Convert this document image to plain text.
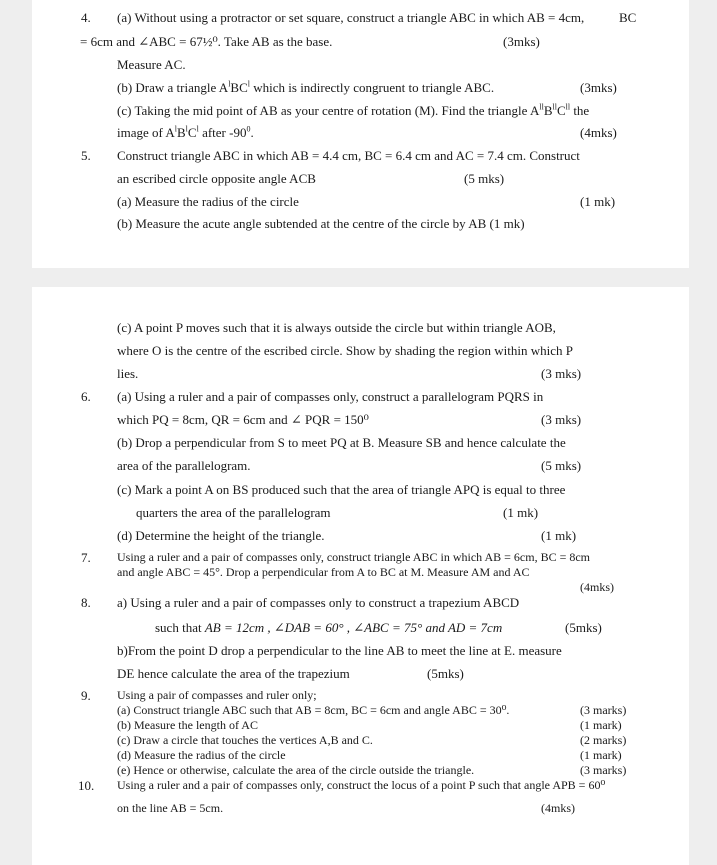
4. (a) Without using a protractor or set square, construct a triangle ABC in which AB = 4cm,	BC
= 6cm and ∠ABC = 67½⁰. Take AB as the base.	(3mks)
Measure AC.
(b) Draw a triangle $A^lBC^l$ which is indirectly congruent to triangle ABC.	(3mks)
(c) Taking the mid point of AB as your centre of rotation (M). Find the triangle $A^{ll}B^{ll}C^{ll}$ the
image of $A^lB^lC^l$ after $-90^0$.	(4mks)
5. Construct triangle ABC in which AB = 4.4 cm, BC = 6.4 cm and AC = 7.4 cm. Construct
an escribed circle opposite angle ACB	(5 mks)
(a) Measure the radius of the circle	(1 mk)
(b) Measure the acute angle subtended at the centre of the circle by AB (1 mk)
(c) A point P moves such that it is always outside the circle but within triangle AOB,
where O is the centre of the escribed circle. Show by shading the region within which P
lies.	(3 mks)
6. (a) Using a ruler and a pair of compasses only, construct a parallelogram PQRS in
which PQ = 8cm, QR = 6cm and ∠ PQR = 150⁰	(3 mks)
(b) Drop a perpendicular from S to meet PQ at B. Measure SB and hence calculate the
area of the parallelogram.	(5 mks)
(c) Mark a point A on BS produced such that the area of triangle APQ is equal to three
quarters the area of the parallelogram	(1 mk)
(d) Determine the height of the triangle.	(1 mk)
7. Using a ruler and a pair of compasses only, construct triangle ABC in which AB = 6cm, BC = 8cm
and angle ABC = 45°. Drop a perpendicular from A to BC at M. Measure AM and AC
(4mks)
8. a) Using a ruler and a pair of compasses only to construct a trapezium ABCD
such that AB = 12cm , ∠DAB = 60° , ∠ABC = 75° and AD = 7cm	(5mks)
b)From the point D drop a perpendicular to the line AB to meet the line at E. measure
DE hence calculate the area of the trapezium	(5mks)
9. Using a pair of compasses and ruler only;
(a) Construct triangle ABC such that AB = 8cm, BC = 6cm and angle ABC = 30⁰.	(3 marks)
(b) Measure the length of AC	(1 mark)
(c) Draw a circle that touches the vertices A,B and C.	(2 marks)
(d) Measure the radius of the circle	(1 mark)
(e) Hence or otherwise, calculate the area of the circle outside the triangle.	(3 marks)
10. Using a ruler and a pair of compasses only, construct the locus of a point P such that angle APB = 60⁰
on the line AB = 5cm.	(4mks)
